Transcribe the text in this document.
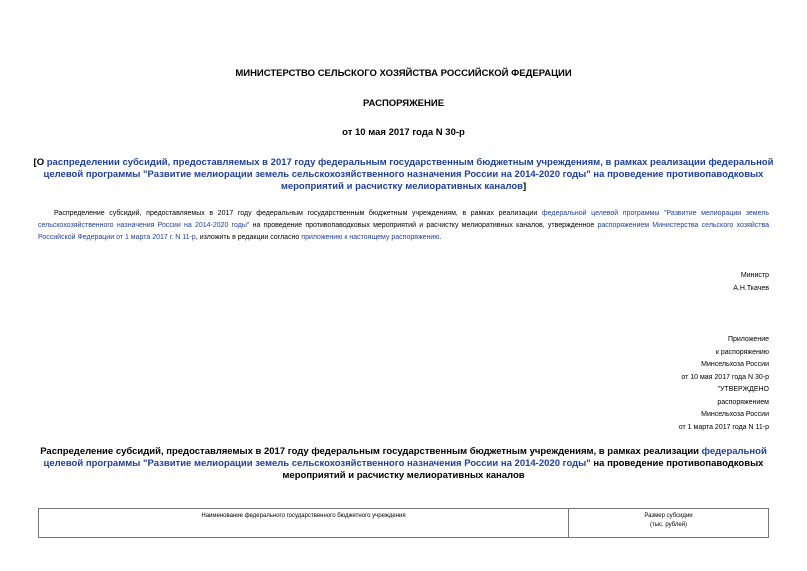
МИНИСТЕРСТВО СЕЛЬСКОГО ХОЗЯЙСТВА РОССИЙСКОЙ ФЕДЕРАЦИИ
РАСПОРЯЖЕНИЕ
от 10 мая 2017 года N 30-р
[О распределении субсидий, предоставляемых в 2017 году федеральным государственным бюджетным учреждениям, в рамках реализации федеральной целевой программы "Развитие мелиорации земель сельскохозяйственного назначения России на 2014-2020 годы" на проведение противопаводковых мероприятий и расчистку мелиоративных каналов]
Распределение субсидий, предоставляемых в 2017 году федеральным государственным бюджетным учреждениям, в рамках реализации федеральной целевой программы "Развитие мелиорации земель сельскохозяйственного назначения России на 2014-2020 годы" на проведение противопаводковых мероприятий и расчистку мелиоративных каналов, утвержденное распоряжением Министерства сельского хозяйства Российской Федерации от 1 марта 2017 г. N 11-р, изложить в редакции согласно приложению к настоящему распоряжению.
Министр
А.Н.Ткачев
Приложение
к распоряжению
Минсельхоза России
от 10 мая 2017 года N 30-р
"УТВЕРЖДЕНО
распоряжением
Минсельхоза России
от 1 марта 2017 года N 11-р
Распределение субсидий, предоставляемых в 2017 году федеральным государственным бюджетным учреждениям, в рамках реализации федеральной целевой программы "Развитие мелиорации земель сельскохозяйственного назначения России на 2014-2020 годы" на проведение противопаводковых мероприятий и расчистку мелиоративных каналов
Наименование федерального государственного бюджетного учреждения	Размер субсидии
(тыс. рублей)
